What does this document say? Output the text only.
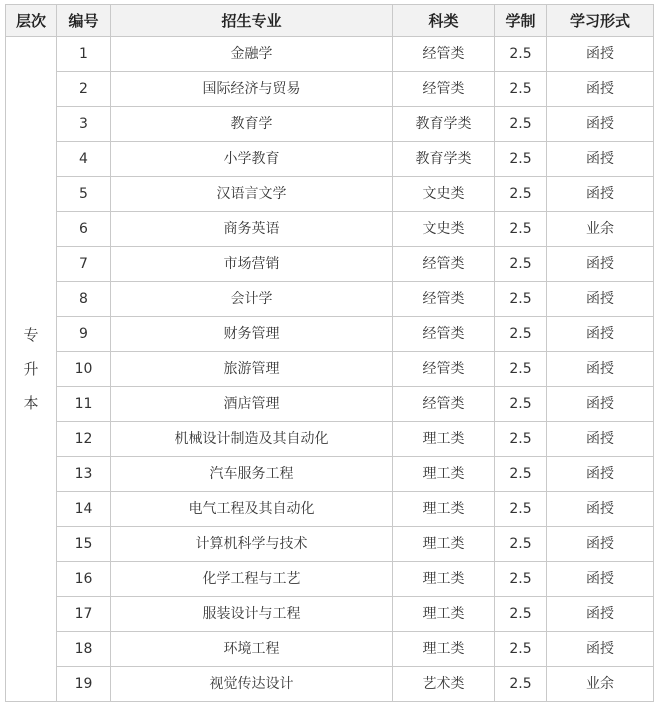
层次	编号	招生专业	科类	学制	学习形式
专升本	1	金融学	经管类	2.5	函授
	2	国际经济与贸易	经管类	2.5	函授
	3	教育学	教育学类	2.5	函授
	4	小学教育	教育学类	2.5	函授
	5	汉语言文学	文史类	2.5	函授
	6	商务英语	文史类	2.5	业余
	7	市场营销	经管类	2.5	函授
	8	会计学	经管类	2.5	函授
	9	财务管理	经管类	2.5	函授
	10	旅游管理	经管类	2.5	函授
	11	酒店管理	经管类	2.5	函授
	12	机械设计制造及其自动化	理工类	2.5	函授
	13	汽车服务工程	理工类	2.5	函授
	14	电气工程及其自动化	理工类	2.5	函授
	15	计算机科学与技术	理工类	2.5	函授
	16	化学工程与工艺	理工类	2.5	函授
	17	服装设计与工程	理工类	2.5	函授
	18	环境工程	理工类	2.5	函授
	19	视觉传达设计	艺术类	2.5	业余
